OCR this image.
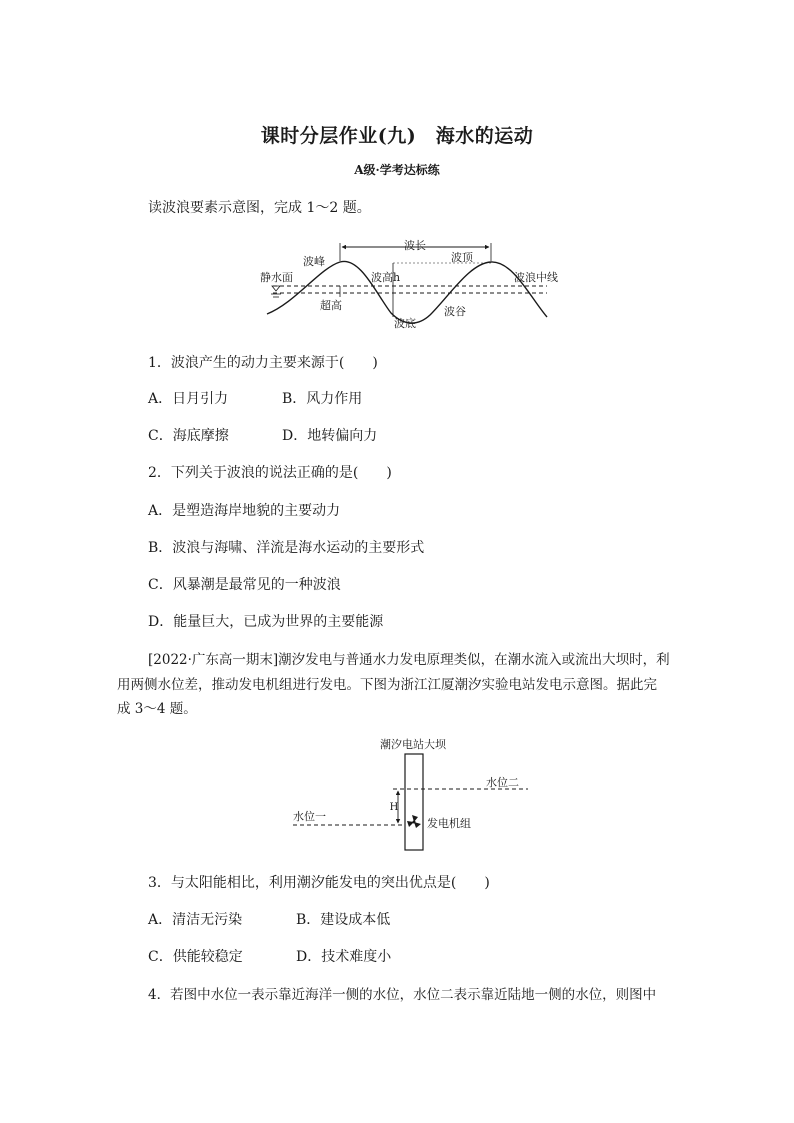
课时分层作业(九)　海水的运动
A级·学考达标练
读波浪要素示意图，完成 1～2 题。
波长
波峰	波顶
静水面	波高h	波浪中线
超高
波底
波谷
1．波浪产生的动力主要来源于(　　)
A．日月引力	B．风力作用
C．海底摩擦	D．地转偏向力
2．下列关于波浪的说法正确的是(　　)
A．是塑造海岸地貌的主要动力
B．波浪与海啸、洋流是海水运动的主要形式
C．风暴潮是最常见的一种波浪
D．能量巨大，已成为世界的主要能源
[2022·广东高一期末]潮汐发电与普通水力发电原理类似，在潮水流入或流出大坝时，利
用两侧水位差，推动发电机组进行发电。下图为浙江江厦潮汐实验电站发电示意图。据此完
成 3～4 题。
潮汐电站大坝
水位二
H
水位一
发电机组
3．与太阳能相比，利用潮汐能发电的突出优点是(　　)
A．清洁无污染	B．建设成本低
C．供能较稳定	D．技术难度小
4．若图中水位一表示靠近海洋一侧的水位，水位二表示靠近陆地一侧的水位，则图中
